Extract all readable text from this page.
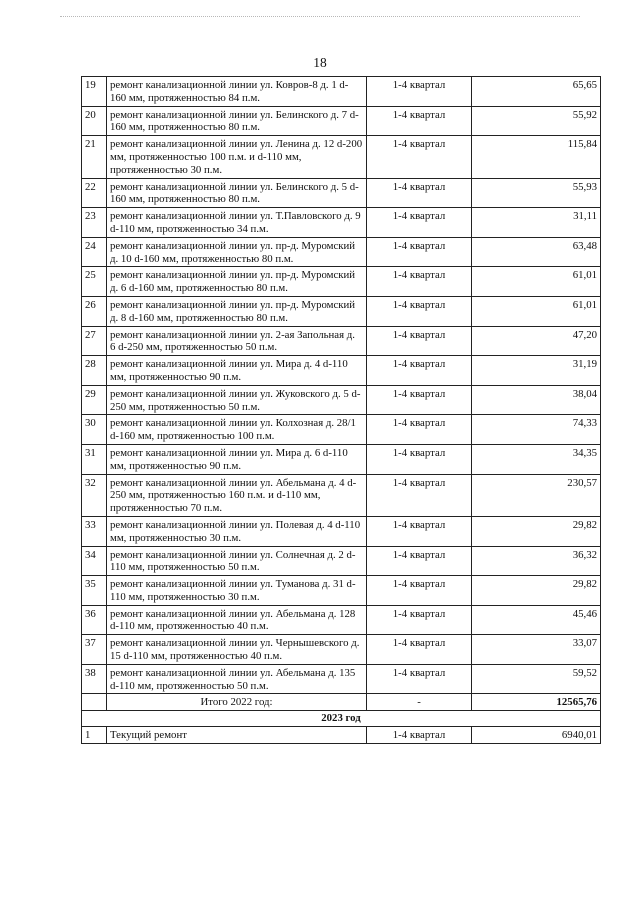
18
19	ремонт канализационной линии ул. Ковров-8 д. 1 d-160 мм, протяженностью 84 п.м.	1-4 квартал	65,65
20	ремонт канализационной линии ул. Белинского д. 7 d-160 мм, протяженностью 80 п.м.	1-4 квартал	55,92
21	ремонт канализационной линии ул. Ленина д. 12 d-200 мм, протяженностью 100 п.м. и d-110 мм, протяженностью 30 п.м.	1-4 квартал	115,84
22	ремонт канализационной линии ул. Белинского д. 5 d-160 мм, протяженностью 80 п.м.	1-4 квартал	55,93
23	ремонт канализационной линии ул. Т.Павловского д. 9 d-110 мм, протяженностью 34 п.м.	1-4 квартал	31,11
24	ремонт канализационной линии ул. пр-д. Муромский д. 10 d-160 мм, протяженностью 80 п.м.	1-4 квартал	63,48
25	ремонт канализационной линии ул. пр-д. Муромский д. 6 d-160 мм, протяженностью 80 п.м.	1-4 квартал	61,01
26	ремонт канализационной линии ул. пр-д. Муромский д. 8 d-160 мм, протяженностью 80 п.м.	1-4 квартал	61,01
27	ремонт канализационной линии ул. 2-ая Запольная д. 6 d-250 мм, протяженностью 50 п.м.	1-4 квартал	47,20
28	ремонт канализационной линии ул. Мира д. 4 d-110 мм, протяженностью 90 п.м.	1-4 квартал	31,19
29	ремонт канализационной линии ул. Жуковского д. 5 d-250 мм, протяженностью 50 п.м.	1-4 квартал	38,04
30	ремонт канализационной линии ул. Колхозная д. 28/1 d-160 мм, протяженностью 100 п.м.	1-4 квартал	74,33
31	ремонт канализационной линии ул. Мира д. 6 d-110 мм, протяженностью 90 п.м.	1-4 квартал	34,35
32	ремонт канализационной линии ул. Абельмана д. 4 d-250 мм, протяженностью 160 п.м. и d-110 мм, протяженностью 70 п.м.	1-4 квартал	230,57
33	ремонт канализационной линии ул. Полевая д. 4 d-110 мм, протяженностью 30 п.м.	1-4 квартал	29,82
34	ремонт канализационной линии ул. Солнечная д. 2 d-110 мм, протяженностью 50 п.м.	1-4 квартал	36,32
35	ремонт канализационной линии ул. Туманова д. 31 d-110 мм, протяженностью 30 п.м.	1-4 квартал	29,82
36	ремонт канализационной линии ул. Абельмана д. 128 d-110 мм, протяженностью 40 п.м.	1-4 квартал	45,46
37	ремонт канализационной линии ул. Чернышевского д. 15 d-110 мм, протяженностью 40 п.м.	1-4 квартал	33,07
38	ремонт канализационной линии ул. Абельмана д. 135 d-110 мм, протяженностью 50 п.м.	1-4 квартал	59,52
	Итого 2022 год:	-	12565,76
2023 год			
1	Текущий ремонт	1-4 квартал	6940,01
